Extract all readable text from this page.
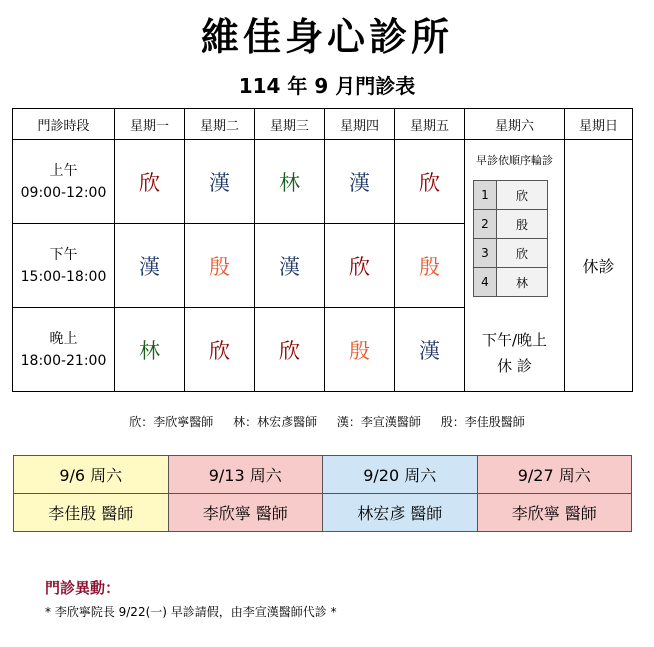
維佳身心診所
114 年 9 月門診表
門診時段	星期一	星期二	星期三	星期四	星期五	星期六	星期日

上午
09:00-12:00	欣	漢	林	漢	欣	
早診依順序輪診
1	欣
2	殷
3	欣
4	林
下午/晚上
休 診
	休診

下午
15:00-18:00	漢	殷	漢	欣	殷

晚上
18:00-21:00	林	欣	欣	殷	漢
欣：李欣寧醫師 林：林宏彥醫師 漢：李宣漢醫師 殷：李佳殷醫師
9/6 周六	9/13 周六	9/20 周六	9/27 周六
李佳殷 醫師	李欣寧 醫師	林宏彥 醫師	李欣寧 醫師
門診異動：
* 李欣寧院長 9/22(一) 早診請假，由李宣漢醫師代診 *
